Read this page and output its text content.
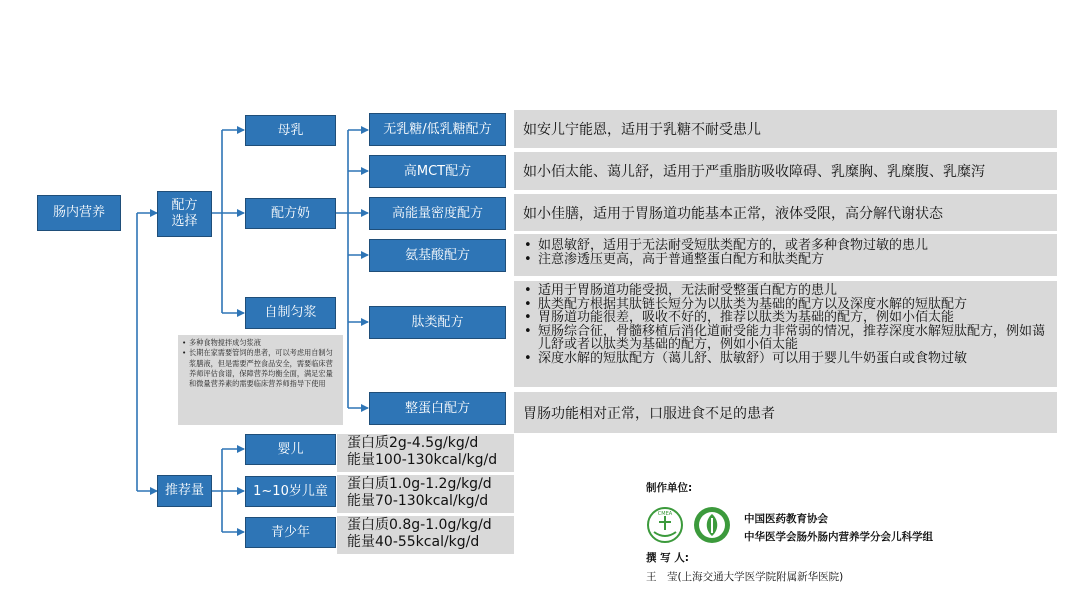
肠内营养	配方
选择
推荐量
母乳
配方奶
自制匀浆
• 多种食物搅拌成匀浆液
• 长期在家需要管饲的患者，可以考虑用自制匀浆膳液，但是需要严控食品安全，需要临床营养师评估食谱，保障营养均衡全面，满足宏量和微量营养素的需要临床营养师指导下使用
无乳糖/低乳糖配方
高MCT配方
高能量密度配方
氨基酸配方
肽类配方
整蛋白配方
如安儿宁能恩，适用于乳糖不耐受患儿
如小佰太能、蔼儿舒，适用于严重脂肪吸收障碍、乳糜胸、乳糜腹、乳糜泻
如小佳膳，适用于胃肠道功能基本正常，液体受限，高分解代谢状态
• 如恩敏舒，适用于无法耐受短肽类配方的，或者多种食物过敏的患儿
• 注意渗透压更高，高于普通整蛋白配方和肽类配方
• 适用于胃肠道功能受损，无法耐受整蛋白配方的患儿
• 肽类配方根据其肽链长短分为以肽类为基础的配方以及深度水解的短肽配方
• 胃肠道功能很差，吸收不好的，推荐以肽类为基础的配方，例如小佰太能
• 短肠综合征，骨髓移植后消化道耐受能力非常弱的情况，推荐深度水解短肽配方，例如蔼儿舒或者以肽类为基础的配方，例如小佰太能
• 深度水解的短肽配方（蔼儿舒、肽敏舒）可以用于婴儿牛奶蛋白或食物过敏
胃肠功能相对正常，口服进食不足的患者
婴儿
1~10岁儿童
青少年
蛋白质2g-4.5g/kg/d
能量100-130kcal/kg/d
蛋白质1.0g-1.2g/kg/d
能量70-130kcal/kg/d
蛋白质0.8g-1.0g/kg/d
能量40-55kcal/kg/d
制作单位:
CMEA	中国医药教育协会
中华医学会肠外肠内营养学分会儿科学组
撰 写 人:
王　莹(上海交通大学医学院附属新华医院)
